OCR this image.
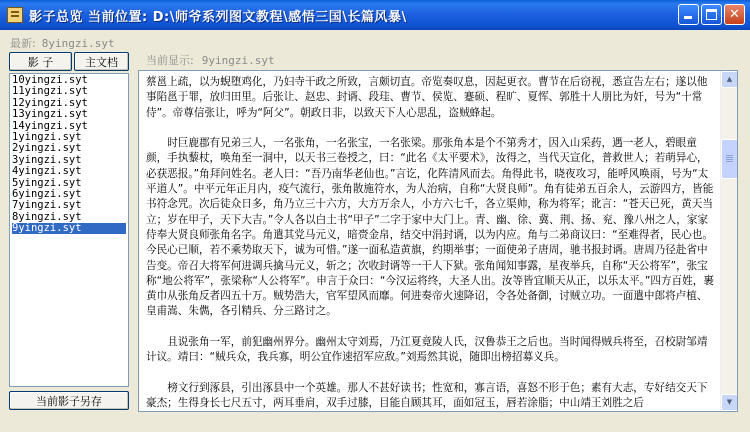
影子总览 当前位置: D:\师爷系列图文教程\感悟三国\长篇风暴\	✕
最新: 8yingzi.syt
影 子	主文档	当前显示: 9yingzi.syt
10yingzi.syt
11yingzi.syt
12yingzi.syt
13yingzi.syt
14yingzi.syt
1yingzi.syt
2yingzi.syt
3yingzi.syt
4yingzi.syt
5yingzi.syt
6yingzi.syt
7yingzi.syt
8yingzi.syt
9yingzi.syt
当前影子另存
蔡邕上疏，以为蜺堕鸡化，乃妇寺干政之所致，言颇切直。帝览奏叹息，因起更衣。曹节在后窃视，悉宣告左右；遂以他事陷邕于罪，放归田里。后张让、赵忠、封谞、段珪、曹节、侯览、蹇硕、程旷、夏恽、郭胜十人朋比为奸，号为“十常侍”。帝尊信张让，呼为“阿父”。朝政日非，以致天下人心思乱，盗贼蜂起。
时巨鹿郡有兄弟三人，一名张角，一名张宝，一名张梁。那张角本是个不第秀才，因入山采药，遇一老人，碧眼童颜，手执藜杖，唤角至一洞中，以天书三卷授之，曰：“此名《太平要术》，汝得之，当代天宣化，普救世人；若萌异心，必获恶报。”角拜问姓名。老人曰：“吾乃南华老仙也。”言讫，化阵清风而去。角得此书，晓夜攻习，能呼风唤雨，号为“太平道人”。中平元年正月内，疫气流行，张角散施符水，为人治病，自称“大贤良师”。角有徒弟五百余人，云游四方，皆能书符念咒。次后徒众日多，角乃立三十六方，大方万余人，小方六七千，各立渠帅，称为将军；讹言：“苍天已死，黄天当立；岁在甲子，天下大吉。”令人各以白土书“甲子”二字于家中大门上。青、幽、徐、冀、荆、扬、兖、豫八州之人，家家侍奉大贤良师张角名字。角遣其党马元义，暗赍金帛，结交中涓封谞，以为内应。角与二弟商议曰：“至难得者，民心也。今民心已顺，若不乘势取天下，诚为可惜。”遂一面私造黄旗，约期举事；一面使弟子唐周，驰书报封谞。唐周乃径赴省中告变。帝召大将军何进调兵擒马元义，斩之；次收封谞等一干人下狱。张角闻知事露，星夜举兵，自称“天公将军”，张宝称“地公将军”，张梁称“人公将军”。申言于众曰：“今汉运将终，大圣人出。汝等皆宜顺天从正，以乐太平。”四方百姓，裹黄巾从张角反者四五十万。贼势浩大，官军望风而靡。何进奏帝火速降诏，令各处备御，讨贼立功。一面遣中郎将卢植、皇甫嵩、朱儁，各引精兵、分三路讨之。
且说张角一军，前犯幽州界分。幽州太守刘焉，乃江夏竟陵人氏，汉鲁恭王之后也。当时闻得贼兵将至，召校尉邹靖计议。靖曰：“贼兵众，我兵寡，明公宜作速招军应敌。”刘焉然其说，随即出榜招募义兵。
榜文行到涿县，引出涿县中一个英雄。那人不甚好读书；性宽和，寡言语，喜怒不形于色；素有大志，专好结交天下豪杰；生得身长七尺五寸，两耳垂肩，双手过膝，目能自顾其耳，面如冠玉，唇若涂脂；中山靖王刘胜之后
▲
▼
